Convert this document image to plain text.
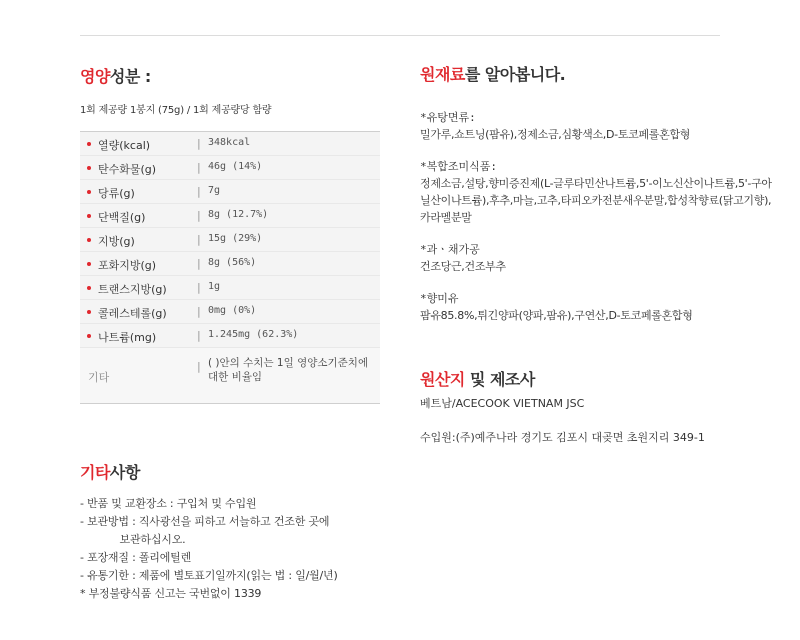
영양성분 :
1회 제공량 1봉지 (75g) / 1회 제공량당 함량
열량(kcal)	| 348kcal
탄수화물(g)	| 46g (14%)
당류(g)	| 7g
단백질(g)	| 8g (12.7%)
지방(g)	| 15g (29%)
포화지방(g)	| 8g (56%)
트랜스지방(g)	| 1g
콜레스테롤(g)	| 0mg (0%)
나트륨(mg)	| 1.245mg (62.3%)
기타
| ( )안의 수치는 1일 영양소기준치에 대한 비율임
원재료를 알아봅니다.
*유탕면류:
밀가루,쇼트닝(팜유),정제소금,심황색소,D-토코페롤혼합형
*복합조미식품:
정제소금,설탕,향미증진제(L-글루타민산나트륨,5'-이노신산이나트륨,5'-구아닐산이나트륨),후추,마늘,고추,타피오카전분새우분말,합성착향료(닭고기향),카라멜분말
*과ㆍ채가공
건조당근,건조부추
*향미유
팜유85.8%,튀긴양파(양파,팜유),구연산,D-토코페롤혼합형
원산지 및 제조사
베트남/ACECOOK VIETNAM JSC
수입원:(주)예주나라 경기도 김포시 대곶면 초원지리 349-1
기타사항
- 반품 및 교환장소 : 구입처 및 수입원
- 보관방법 : 직사광선을 피하고 서늘하고 건조한 곳에
보관하십시오.
- 포장재질 : 폴리에틸렌
- 유통기한 : 제품에 별토표기일까지(읽는 법 : 일/월/년)
* 부정불량식품 신고는 국번없이 1339
